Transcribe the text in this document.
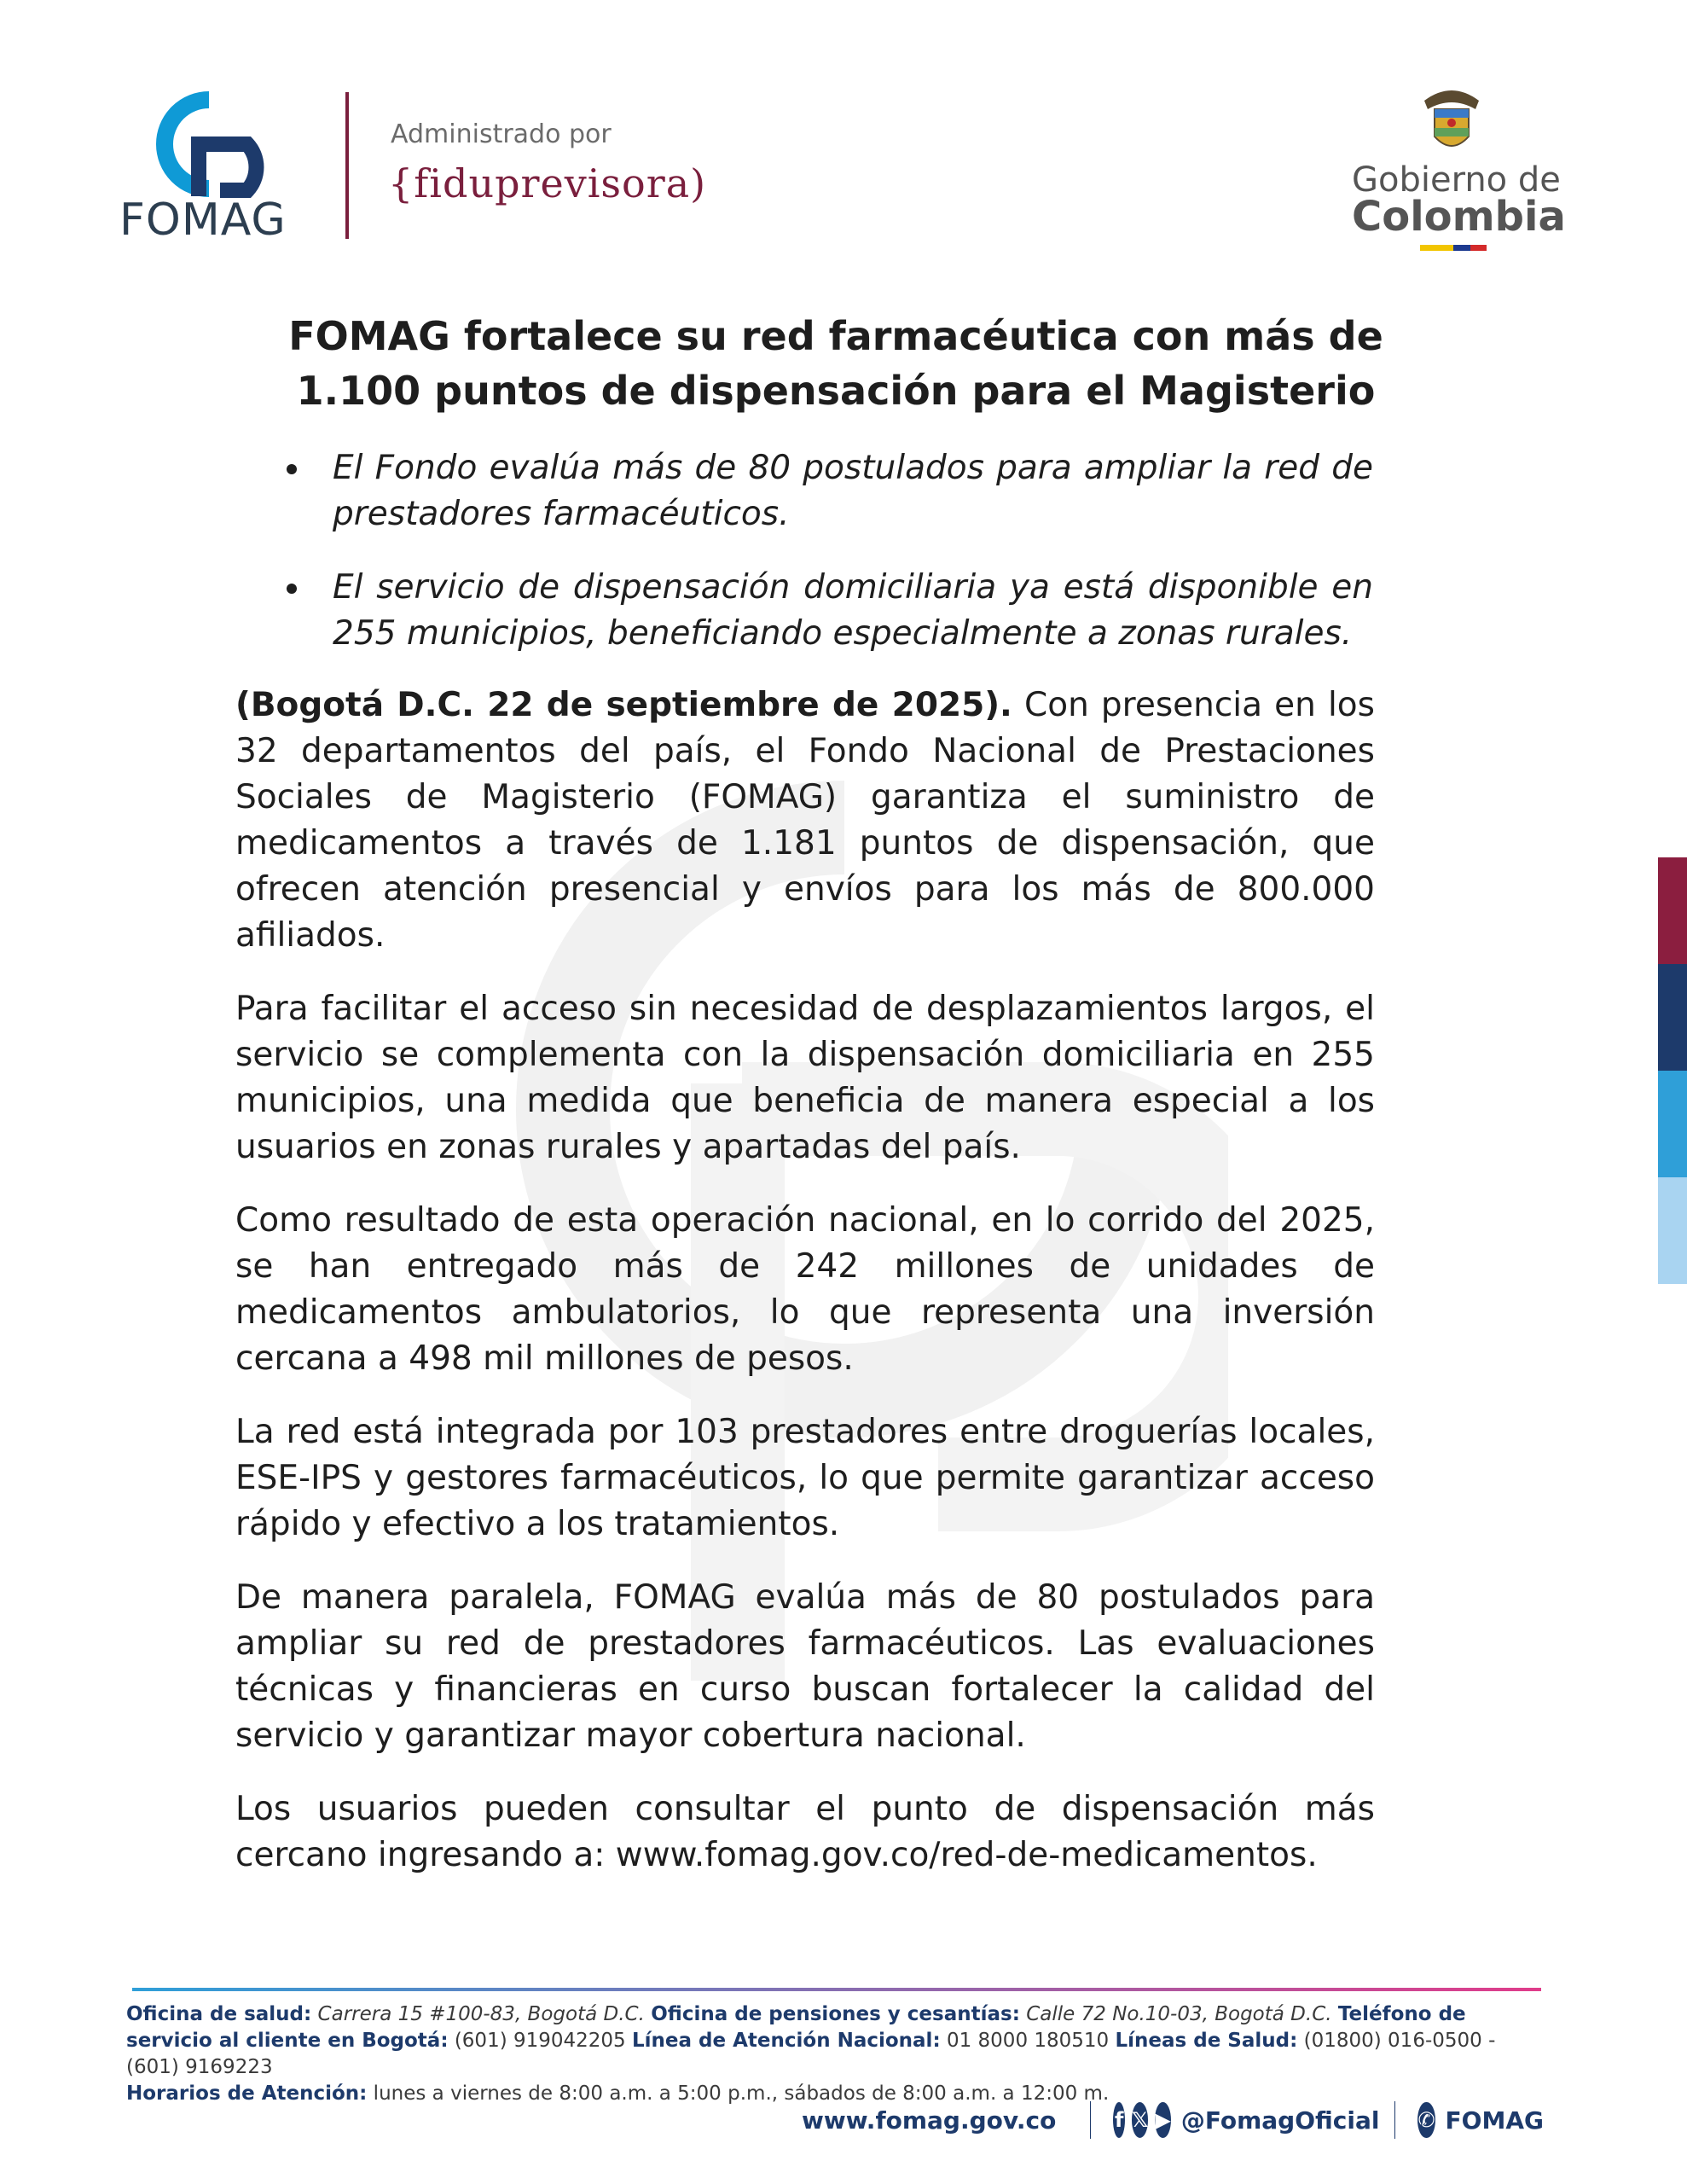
FOMAG
Administrado por
{fiduprevisora)	Gobierno de
Colombia
FOMAG fortalece su red farmacéutica con más de 1.100 puntos de dispensación para el Magisterio
El Fondo evalúa más de 80 postulados para ampliar la red de prestadores farmacéuticos.
El servicio de dispensación domiciliaria ya está disponible en 255 municipios, beneficiando especialmente a zonas rurales.

(Bogotá D.C. 22 de septiembre de 2025). Con presencia en los 32 departamentos del país, el Fondo Nacional de Prestaciones Sociales de Magisterio (FOMAG) garantiza el suministro de medicamentos a través de 1.181 puntos de dispensación, que ofrecen atención presencial y envíos para los más de 800.000 afiliados.

Para facilitar el acceso sin necesidad de desplazamientos largos, el servicio se complementa con la dispensación domiciliaria en 255 municipios, una medida que beneficia de manera especial a los usuarios en zonas rurales y apartadas del país.

Como resultado de esta operación nacional, en lo corrido del 2025, se han entregado más de 242 millones de unidades de medicamentos ambulatorios, lo que representa una inversión cercana a 498 mil millones de pesos.

La red está integrada por 103 prestadores entre droguerías locales, ESE-IPS y gestores farmacéuticos, lo que permite garantizar acceso rápido y efectivo a los tratamientos.

De manera paralela, FOMAG evalúa más de 80 postulados para ampliar su red de prestadores farmacéuticos. Las evaluaciones técnicas y financieras en curso buscan fortalecer la calidad del servicio y garantizar mayor cobertura nacional.

Los usuarios pueden consultar el punto de dispensación más cercano ingresando a: www.fomag.gov.co/red-de-medicamentos.

Oficina de salud: Carrera 15 #100-83, Bogotá D.C. Oficina de pensiones y cesantías: Calle 72 No.10-03, Bogotá D.C. Teléfono de servicio al cliente en Bogotá: (601) 919042205 Línea de Atención Nacional: 01 8000 180510 Líneas de Salud: (01800) 016-0500 - (601) 9169223
Horarios de Atención: lunes a viernes de 8:00 a.m. a 5:00 p.m., sábados de 8:00 a.m. a 12:00 m.
www.fomag.gov.co	f 𝕏 ▶ @FomagOficial ✆ FOMAG
